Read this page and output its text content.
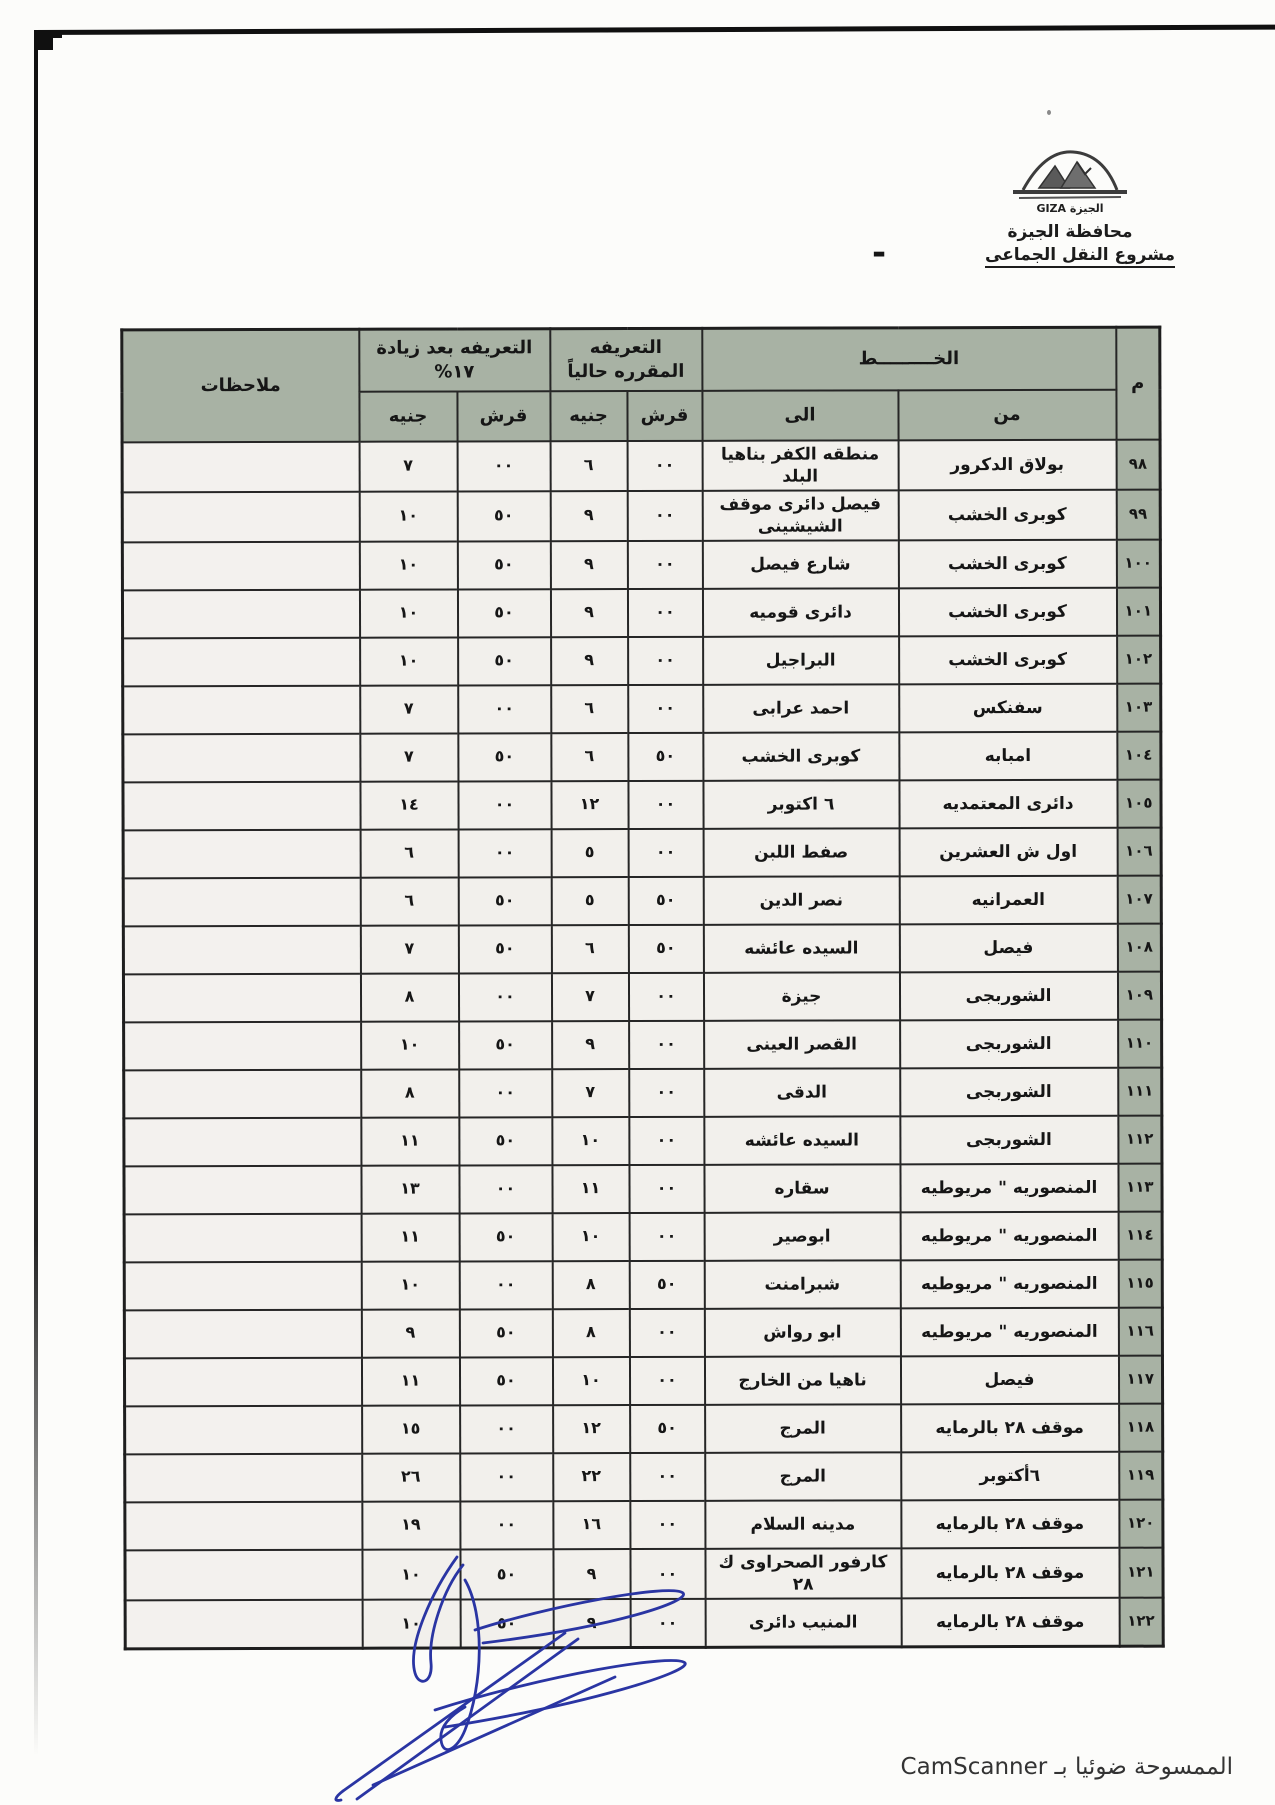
-
GIZA الجيزة
محافظة الجيزة
مشروع النقل الجماعى
م	الخـــــــــط		التعريفه المقرره حالياً		التعريفه بعد زيادة ١٧%		ملاحظات
	من	الى	قرش	جنيه	قرش	جنيه	
٩٨	بولاق الدكرور	منطقه الكفر بناهيا البلد	٠٠	٦	٠٠	٧	
٩٩	كوبرى الخشب	فيصل دائرى موقف الشيشينى	٠٠	٩	٥٠	١٠	
١٠٠	كوبرى الخشب	شارع فيصل	٠٠	٩	٥٠	١٠	
١٠١	كوبرى الخشب	دائرى قوميه	٠٠	٩	٥٠	١٠	
١٠٢	كوبرى الخشب	البراجيل	٠٠	٩	٥٠	١٠	
١٠٣	سفنكس	احمد عرابى	٠٠	٦	٠٠	٧	
١٠٤	امبابه	كوبرى الخشب	٥٠	٦	٥٠	٧	
١٠٥	دائرى المعتمديه	٦ اكتوبر	٠٠	١٢	٠٠	١٤	
١٠٦	اول ش العشرين	صفط اللبن	٠٠	٥	٠٠	٦	
١٠٧	العمرانيه	نصر الدين	٥٠	٥	٥٠	٦	
١٠٨	فيصل	السيده عائشه	٥٠	٦	٥٠	٧	
١٠٩	الشوربجى	جيزة	٠٠	٧	٠٠	٨	
١١٠	الشوربجى	القصر العينى	٠٠	٩	٥٠	١٠	
١١١	الشوربجى	الدقى	٠٠	٧	٠٠	٨	
١١٢	الشوربجى	السيده عائشه	٠٠	١٠	٥٠	١١	
١١٣	المنصوريه " مريوطيه	سقاره	٠٠	١١	٠٠	١٣	
١١٤	المنصوريه " مريوطيه	ابوصير	٠٠	١٠	٥٠	١١	
١١٥	المنصوريه " مريوطيه	شبرامنت	٥٠	٨	٠٠	١٠	
١١٦	المنصوريه " مريوطيه	ابو رواش	٠٠	٨	٥٠	٩	
١١٧	فيصل	ناهيا من الخارج	٠٠	١٠	٥٠	١١	
١١٨	موقف ٢٨ بالرمايه	المرج	٥٠	١٢	٠٠	١٥	
١١٩	٦أكتوبر	المرج	٠٠	٢٢	٠٠	٢٦	
١٢٠	موقف ٢٨ بالرمايه	مدينه السلام	٠٠	١٦	٠٠	١٩	
١٢١	موقف ٢٨ بالرمايه	كارفور الصحراوى ك ٢٨	٠٠	٩	٥٠	١٠	
١٢٢	موقف ٢٨ بالرمايه	المنيب دائرى	٠٠	٩	٥٠	١٠	
الممسوحة ضوئيا بـ CamScanner
